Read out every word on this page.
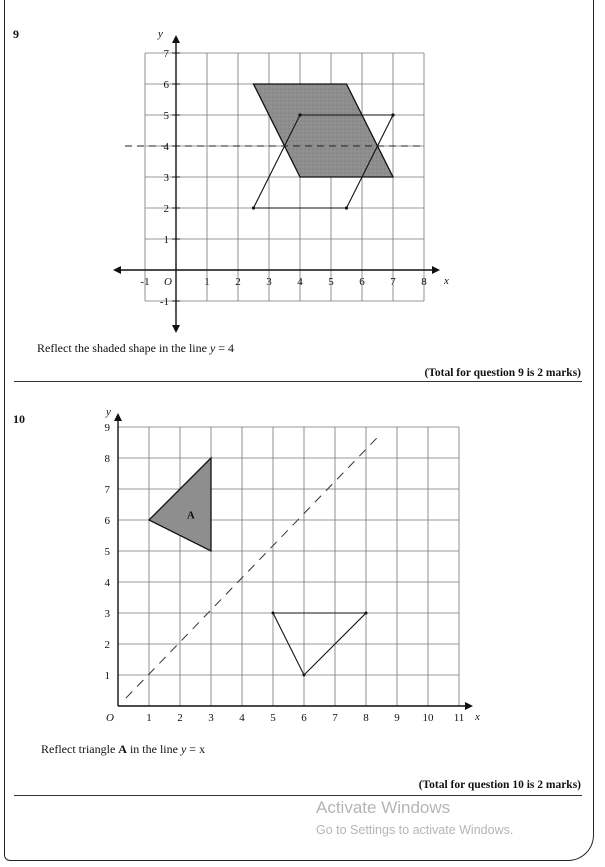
9
-1	1 2 3 4 5 6 7 8
-1
1
2
3
4
5
6
7
O	x
y
Reflect the shaded shape in the line y = 4
(Total for question 9 is 2 marks)
10
A
1 2 3 4 5 6 7 8 9 10 11
1
2
3
4
5
6
7
8
9
O	x
y
Reflect triangle A in the line y = x
(Total for question 10 is 2 marks)
Activate Windows
Go to Settings to activate Windows.
